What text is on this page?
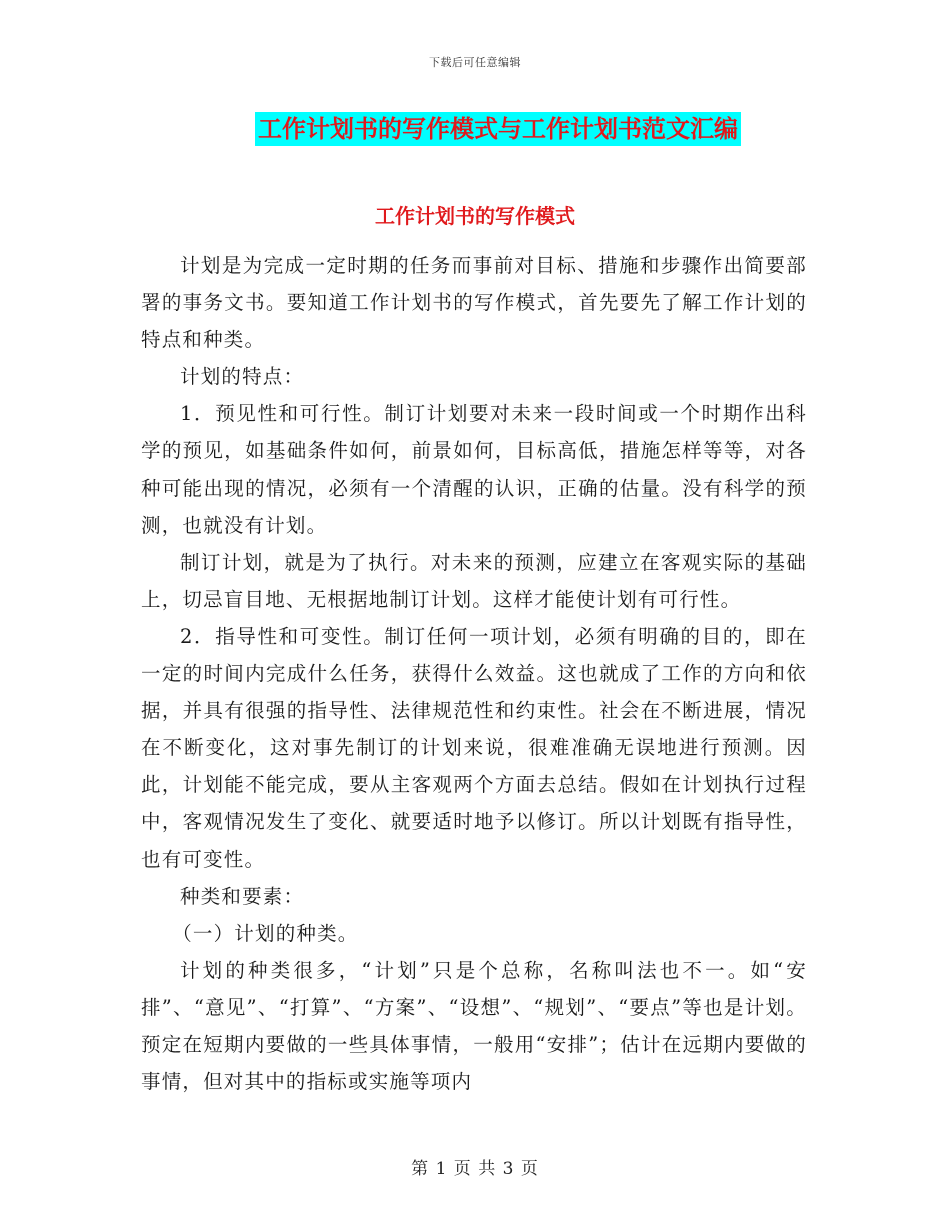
下载后可任意编辑
工作计划书的写作模式与工作计划书范文汇编
工作计划书的写作模式

计划是为完成一定时期的任务而事前对目标、措施和步骤作出简要部署的事务文书。要知道工作计划书的写作模式，首先要先了解工作计划的特点和种类。

计划的特点：

1．预见性和可行性。制订计划要对未来一段时间或一个时期作出科学的预见，如基础条件如何，前景如何，目标高低，措施怎样等等，对各种可能出现的情况，必须有一个清醒的认识，正确的估量。没有科学的预测，也就没有计划。

制订计划，就是为了执行。对未来的预测，应建立在客观实际的基础上，切忌盲目地、无根据地制订计划。这样才能使计划有可行性。

2．指导性和可变性。制订任何一项计划，必须有明确的目的，即在一定的时间内完成什么任务，获得什么效益。这也就成了工作的方向和依据，并具有很强的指导性、法律规范性和约束性。社会在不断进展，情况在不断变化，这对事先制订的计划来说，很难准确无误地进行预测。因此，计划能不能完成，要从主客观两个方面去总结。假如在计划执行过程中，客观情况发生了变化、就要适时地予以修订。所以计划既有指导性，也有可变性。

种类和要素：

（一）计划的种类。

计划的种类很多，“计划”只是个总称，名称叫法也不一。如“安排”、“意见”、“打算”、“方案”、“设想”、“规划”、“要点”等也是计划。预定在短期内要做的一些具体事情，一般用“安排”；估计在远期内要做的事情，但对其中的指标或实施等项内

第 1 页 共 3 页
